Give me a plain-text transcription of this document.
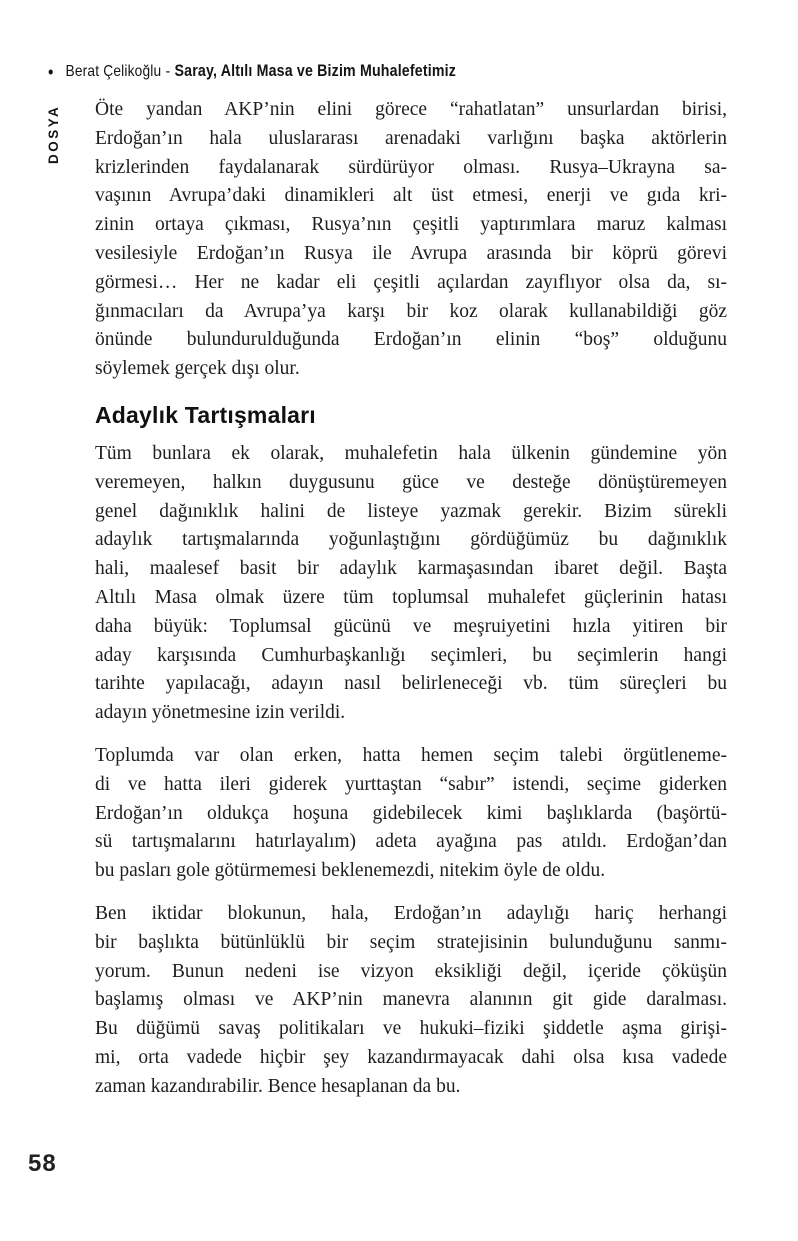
• Berat Çelikoğlu - Saray, Altılı Masa ve Bizim Muhalefetimiz
DOSYA Öte yandan AKP’nin elini görece “rahatlatan” unsurlardan birisi,
Erdoğan’ın hala uluslararası arenadaki varlığını başka aktörlerin
krizlerinden faydalanarak sürdürüyor olması. Rusya–Ukrayna sa-
vaşının Avrupa’daki dinamikleri alt üst etmesi, enerji ve gıda kri-
zinin ortaya çıkması, Rusya’nın çeşitli yaptırımlara maruz kalması
vesilesiyle Erdoğan’ın Rusya ile Avrupa arasında bir köprü görevi
görmesi… Her ne kadar eli çeşitli açılardan zayıflıyor olsa da, sı-
ğınmacıları da Avrupa’ya karşı bir koz olarak kullanabildiği göz
önünde bulundurulduğunda Erdoğan’ın elinin “boş” olduğunu
söylemek gerçek dışı olur.
Adaylık Tartışmaları
Tüm bunlara ek olarak, muhalefetin hala ülkenin gündemine yön
veremeyen, halkın duygusunu güce ve desteğe dönüştüremeyen
genel dağınıklık halini de listeye yazmak gerekir. Bizim sürekli
adaylık tartışmalarında yoğunlaştığını gördüğümüz bu dağınıklık
hali, maalesef basit bir adaylık karmaşasından ibaret değil. Başta
Altılı Masa olmak üzere tüm toplumsal muhalefet güçlerinin hatası
daha büyük: Toplumsal gücünü ve meşruiyetini hızla yitiren bir
aday karşısında Cumhurbaşkanlığı seçimleri, bu seçimlerin hangi
tarihte yapılacağı, adayın nasıl belirleneceği vb. tüm süreçleri bu
adayın yönetmesine izin verildi.
Toplumda var olan erken, hatta hemen seçim talebi örgütleneme-
di ve hatta ileri giderek yurttaştan “sabır” istendi, seçime giderken
Erdoğan’ın oldukça hoşuna gidebilecek kimi başlıklarda (başörtü-
sü tartışmalarını hatırlayalım) adeta ayağına pas atıldı. Erdoğan’dan
bu pasları gole götürmemesi beklenemezdi, nitekim öyle de oldu.
Ben iktidar blokunun, hala, Erdoğan’ın adaylığı hariç herhangi
bir başlıkta bütünlüklü bir seçim stratejisinin bulunduğunu sanmı-
yorum. Bunun nedeni ise vizyon eksikliği değil, içeride çöküşün
başlamış olması ve AKP’nin manevra alanının git gide daralması.
Bu düğümü savaş politikaları ve hukuki–fiziki şiddetle aşma girişi-
mi, orta vadede hiçbir şey kazandırmayacak dahi olsa kısa vadede
zaman kazandırabilir. Bence hesaplanan da bu.
58
